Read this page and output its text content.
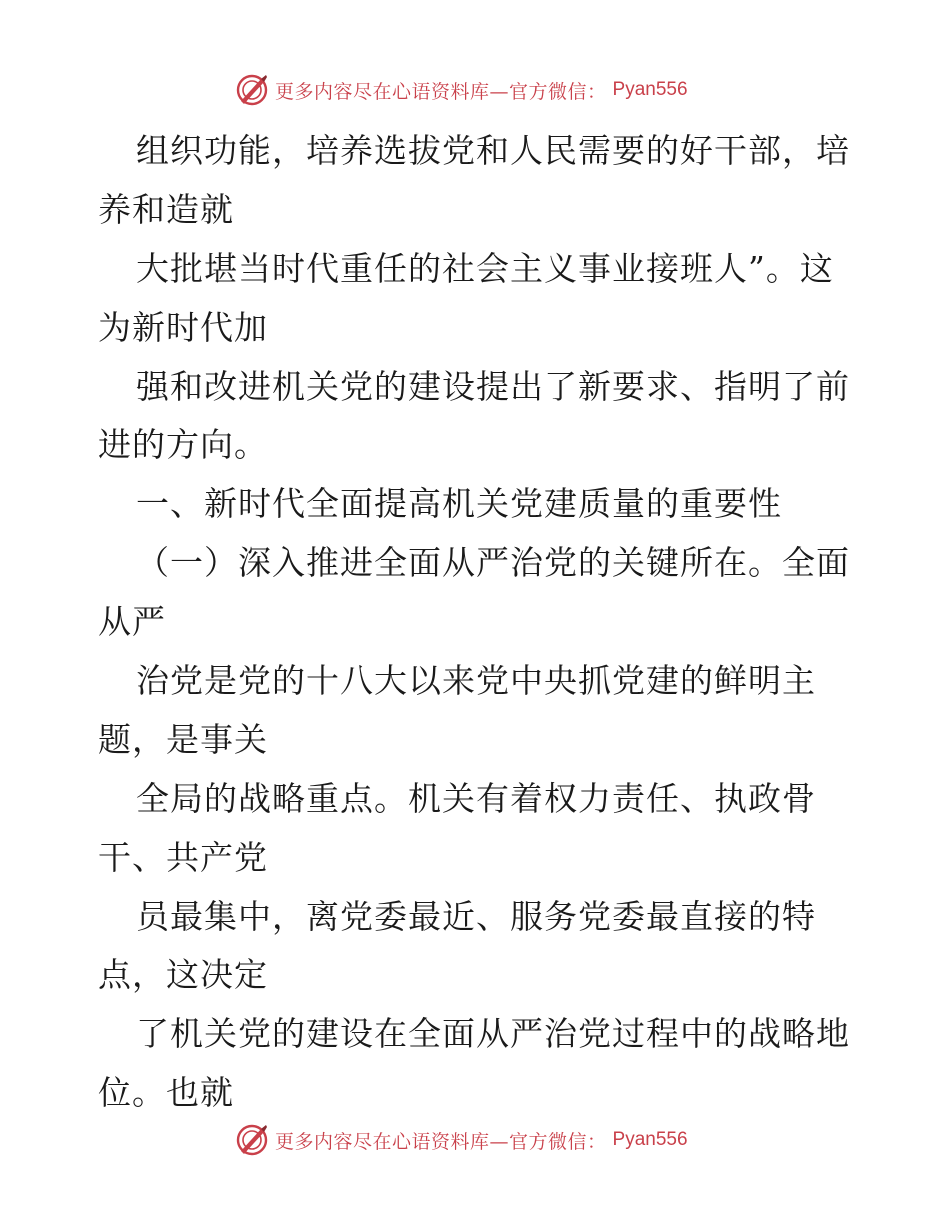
更多内容尽在心语资料库—官方微信： Pyan556
组织功能，培养选拔党和人民需要的好干部，培
养和造就
大批堪当时代重任的社会主义事业接班人”。这
为新时代加
强和改进机关党的建设提出了新要求、指明了前
进的方向。
一、新时代全面提高机关党建质量的重要性
（一）深入推进全面从严治党的关键所在。全面
从严
治党是党的十八大以来党中央抓党建的鲜明主
题，是事关
全局的战略重点。机关有着权力责任、执政骨
干、共产党
员最集中，离党委最近、服务党委最直接的特
点，这决定
了机关党的建设在全面从严治党过程中的战略地
位。也就
更多内容尽在心语资料库—官方微信： Pyan556
